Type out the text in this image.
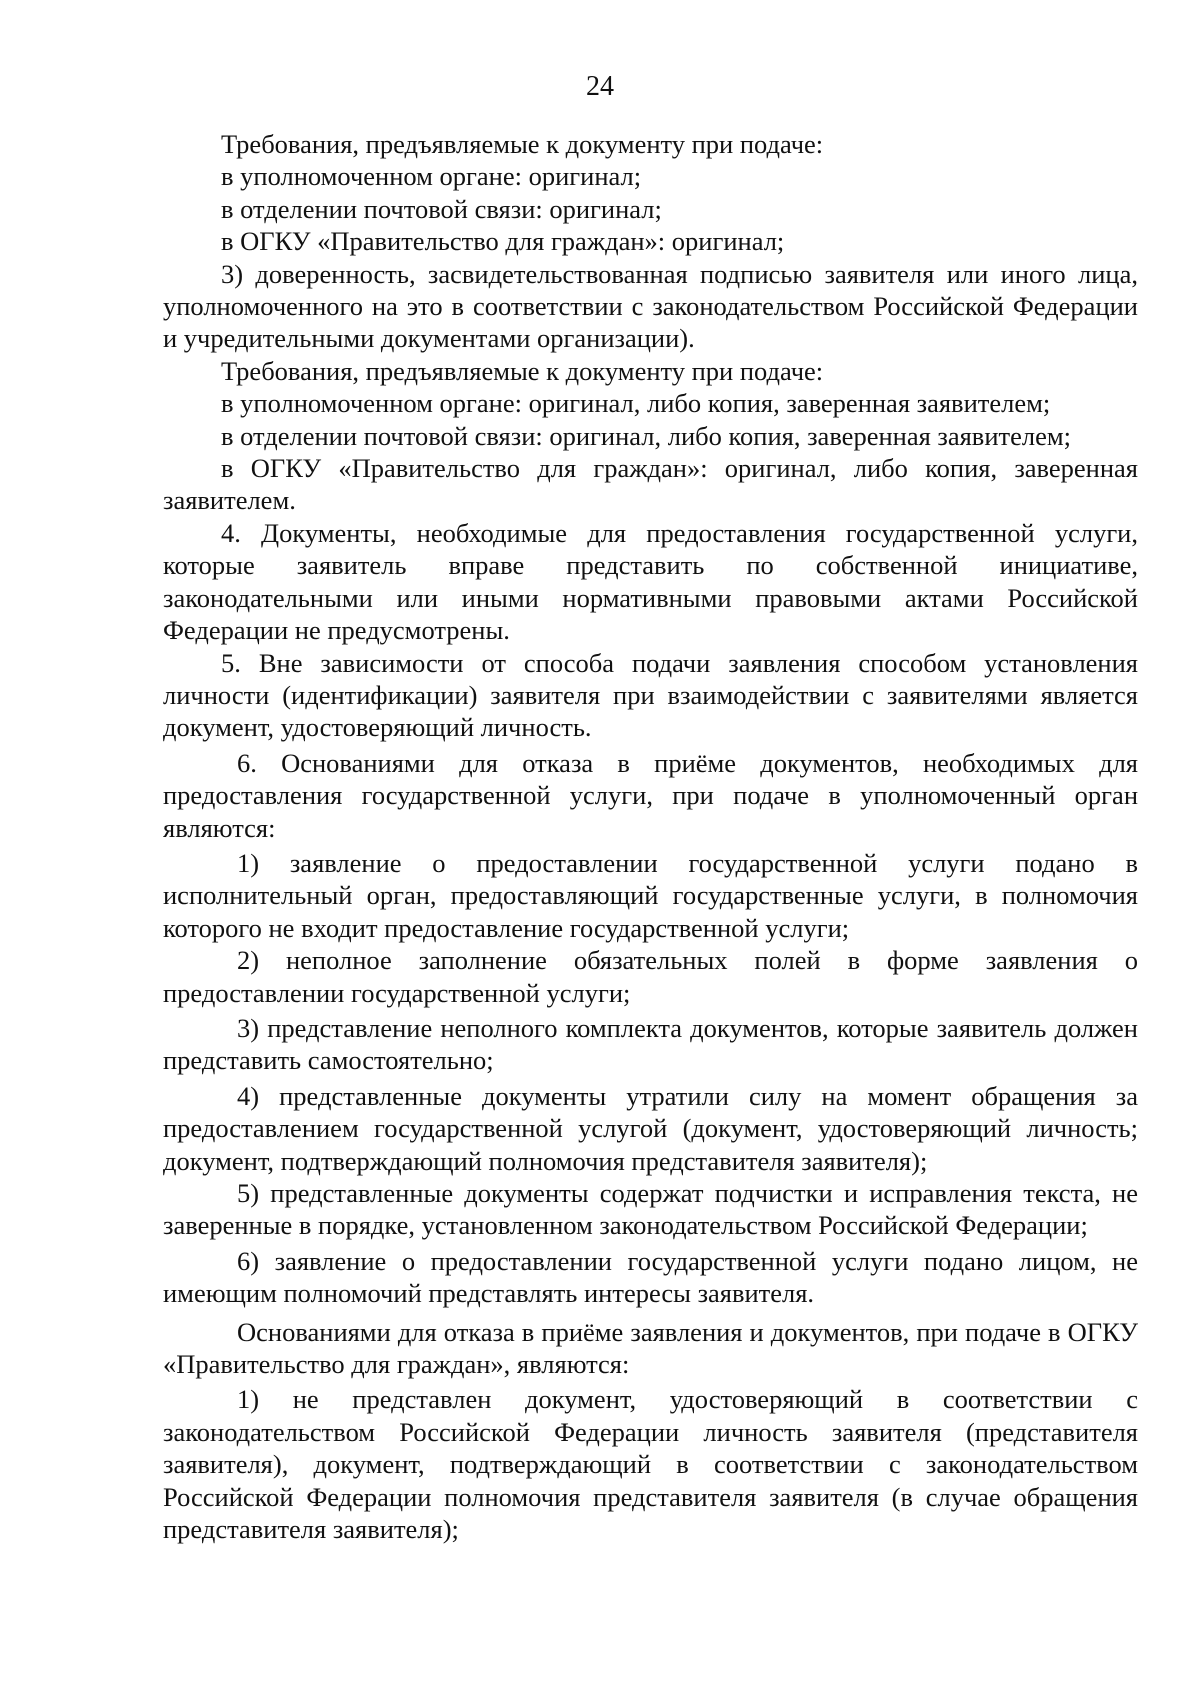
24

Требования, предъявляемые к документу при подаче:

в уполномоченном органе: оригинал;

в отделении почтовой связи: оригинал;

в ОГКУ «Правительство для граждан»: оригинал;

3) доверенность, засвидетельствованная подписью заявителя или иного лица, уполномоченного на это в соответствии с законодательством Российской Федерации и учредительными документами организации).

Требования, предъявляемые к документу при подаче:

в уполномоченном органе: оригинал, либо копия, заверенная заявителем;

в отделении почтовой связи: оригинал, либо копия, заверенная заявителем;

в ОГКУ «Правительство для граждан»: оригинал, либо копия, заверенная заявителем.

4. Документы, необходимые для предоставления государственной услуги, которые заявитель вправе представить по собственной инициативе, законодательными или иными нормативными правовыми актами Российской Федерации не предусмотрены.

5. Вне зависимости от способа подачи заявления способом установления личности (идентификации) заявителя при взаимодействии с заявителями является документ, удостоверяющий личность.

6. Основаниями для отказа в приёме документов, необходимых для предоставления государственной услуги, при подаче в уполномоченный орган являются:

1) заявление о предоставлении государственной услуги подано в исполнительный орган, предоставляющий государственные услуги, в полномочия которого не входит предоставление государственной услуги;

2) неполное заполнение обязательных полей в форме заявления о предоставлении государственной услуги;

3) представление неполного комплекта документов, которые заявитель должен представить самостоятельно;

4) представленные документы утратили силу на момент обращения за предоставлением государственной услугой (документ, удостоверяющий личность; документ, подтверждающий полномочия представителя заявителя);

5) представленные документы содержат подчистки и исправления текста, не заверенные в порядке, установленном законодательством Российской Федерации;

6) заявление о предоставлении государственной услуги подано лицом, не имеющим полномочий представлять интересы заявителя.

Основаниями для отказа в приёме заявления и документов, при подаче в ОГКУ «Правительство для граждан», являются:

1) не представлен документ, удостоверяющий в соответствии с законодательством Российской Федерации личность заявителя (представителя заявителя), документ, подтверждающий в соответствии с законодательством Российской Федерации полномочия представителя заявителя (в случае обращения представителя заявителя);
